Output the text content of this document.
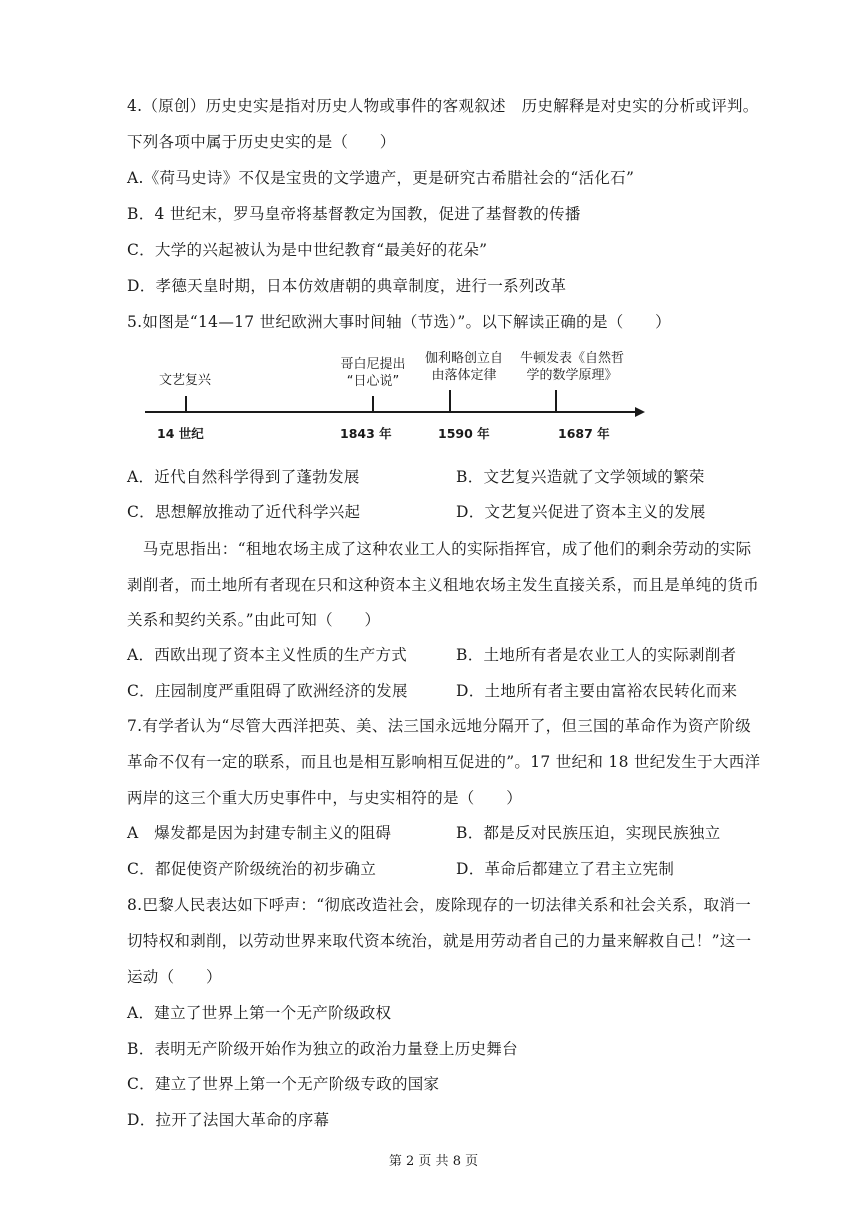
4.（原创）历史史实是指对历史人物或事件的客观叙述　历史解释是对史实的分析或评判。
下列各项中属于历史史实的是（　　）
A.《荷马史诗》不仅是宝贵的文学遗产，更是研究古希腊社会的“活化石”
B．4 世纪末，罗马皇帝将基督教定为国教，促进了基督教的传播
C．大学的兴起被认为是中世纪教育“最美好的花朵”
D．孝德天皇时期，日本仿效唐朝的典章制度，进行一系列改革
5.如图是“14—17 世纪欧洲大事时间轴（节选）”。以下解读正确的是（　　）
文艺复兴
哥白尼提出
“日心说”
伽利略创立自
由落体定律
牛顿发表《自然哲
学的数学原理》
14 世纪	1843 年	1590 年	1687 年
A．近代自然科学得到了蓬勃发展	B．文艺复兴造就了文学领域的繁荣
C．思想解放推动了近代科学兴起	D．文艺复兴促进了资本主义的发展
　马克思指出：“租地农场主成了这种农业工人的实际指挥官，成了他们的剩余劳动的实际
剥削者，而土地所有者现在只和这种资本主义租地农场主发生直接关系，而且是单纯的货币
关系和契约关系。”由此可知（　　）
A．西欧出现了资本主义性质的生产方式	B．土地所有者是农业工人的实际剥削者
C．庄园制度严重阻碍了欧洲经济的发展	D．土地所有者主要由富裕农民转化而来
7.有学者认为“尽管大西洋把英、美、法三国永远地分隔开了，但三国的革命作为资产阶级
革命不仅有一定的联系，而且也是相互影响相互促进的”。17 世纪和 18 世纪发生于大西洋
两岸的这三个重大历史事件中，与史实相符的是（　　）
A　爆发都是因为封建专制主义的阻碍	B．都是反对民族压迫，实现民族独立
C．都促使资产阶级统治的初步确立	D．革命后都建立了君主立宪制
8.巴黎人民表达如下呼声：“彻底改造社会，废除现存的一切法律关系和社会关系，取消一
切特权和剥削，以劳动世界来取代资本统治，就是用劳动者自己的力量来解救自己！”这一
运动（　　）
A．建立了世界上第一个无产阶级政权
B．表明无产阶级开始作为独立的政治力量登上历史舞台
C．建立了世界上第一个无产阶级专政的国家
D．拉开了法国大革命的序幕
第 2 页 共 8 页
